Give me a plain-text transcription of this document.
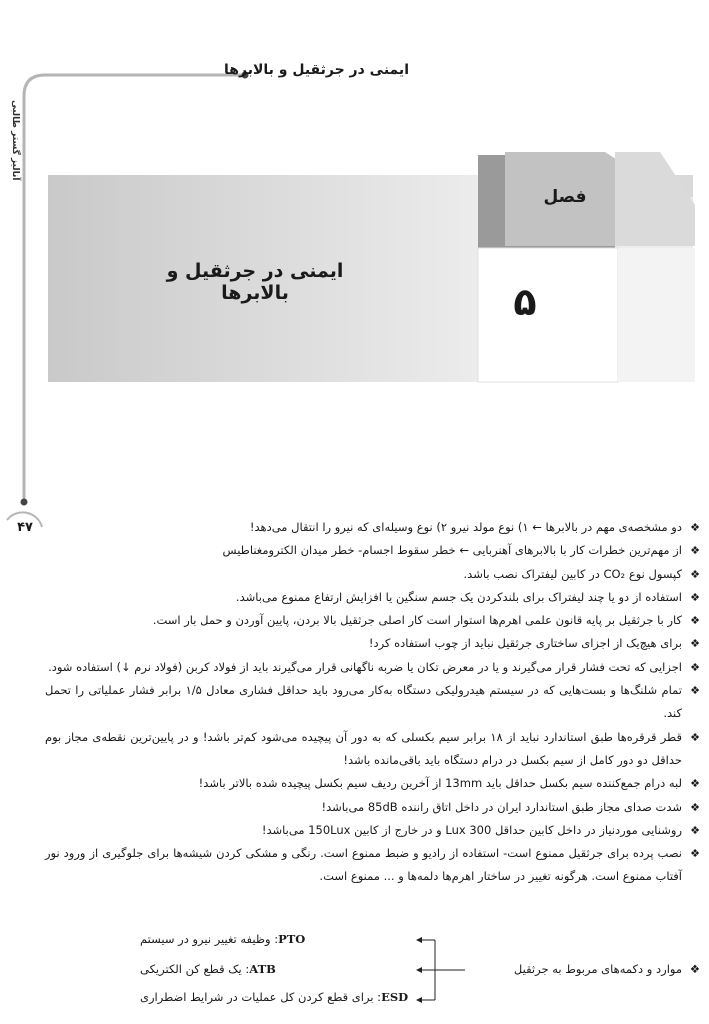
ایمنی در جرثقیل و بالابرها
آنالیز گستر طالبی
۴۷
فصل
۵
ایمنی در جرثقیل و بالابرها
❖
دو مشخصه‌ی مهم در بالابرها ← ۱) نوع مولد نیرو ۲) نوع وسیله‌ای که نیرو را انتقال می‌دهد!
❖
از مهم‌ترین خطرات کار با بالابرهای آهنربایی ← خطر سقوط اجسام- خطر میدان الکترومغناطیس
❖
کپسول نوع CO₂ در کابین لیفتراک نصب باشد.
❖
استفاده از دو یا چند لیفتراک برای بلندکردن یک جسم سنگین یا افزایش ارتفاع ممنوع می‌باشد.
❖
کار با جرثقیل بر پایه قانون علمی اهرم‌ها استوار است کار اصلی جرثقیل بالا بردن، پایین آوردن و حمل بار است.
❖
برای هیچ‌یک از اجزای ساختاری جرثقیل نباید از چوب استفاده کرد!
❖
اجزایی که تحت فشار قرار می‌گیرند و یا در معرض تکان یا ضربه ناگهانی قرار می‌گیرند باید از فولاد کربن (فولاد نرم ↓) استفاده شود.
❖
تمام شلنگ‌ها و بست‌هایی که در سیستم هیدرولیکی دستگاه به‌کار می‌رود باید حداقل فشاری معادل ۱/۵ برابر فشار عملیاتی را تحمل کند.
❖
قطر قرقره‌ها طبق استاندارد نباید از ۱۸ برابر سیم بکسلی که به دور آن پیچیده می‌شود کم‌تر باشد! و در پایین‌ترین نقطه‌ی مجاز بوم حداقل دو دور کامل از سیم بکسل در درام دستگاه باید باقی‌مانده باشد!
❖
لبه درام جمع‌کننده سیم بکسل حداقل باید 13mm از آخرین ردیف سیم بکسل پیچیده شده بالاتر باشد!
❖
شدت صدای مجاز طبق استاندارد ایران در داخل اتاق راننده 85dB می‌باشد!
❖
روشنایی موردنیاز در داخل کابین حداقل 300 Lux و در خارج از کابین 150Lux می‌باشد!
❖
نصب پرده برای جرثقیل ممنوع است- استفاده از رادیو و ضبط ممنوع است. رنگی و مشکی کردن شیشه‌ها برای جلوگیری از ورود نور آفتاب ممنوع است. هرگونه تغییر در ساختار اهرم‌ها دلمه‌ها و ... ممنوع است.
❖
موارد و دکمه‌های مربوط به جرثقیل
PTO: وظیفه تغییر نیرو در سیستم
ATB: یک قطع کن الکتریکی
ESD: برای قطع کردن کل عملیات در شرایط اضطراری
